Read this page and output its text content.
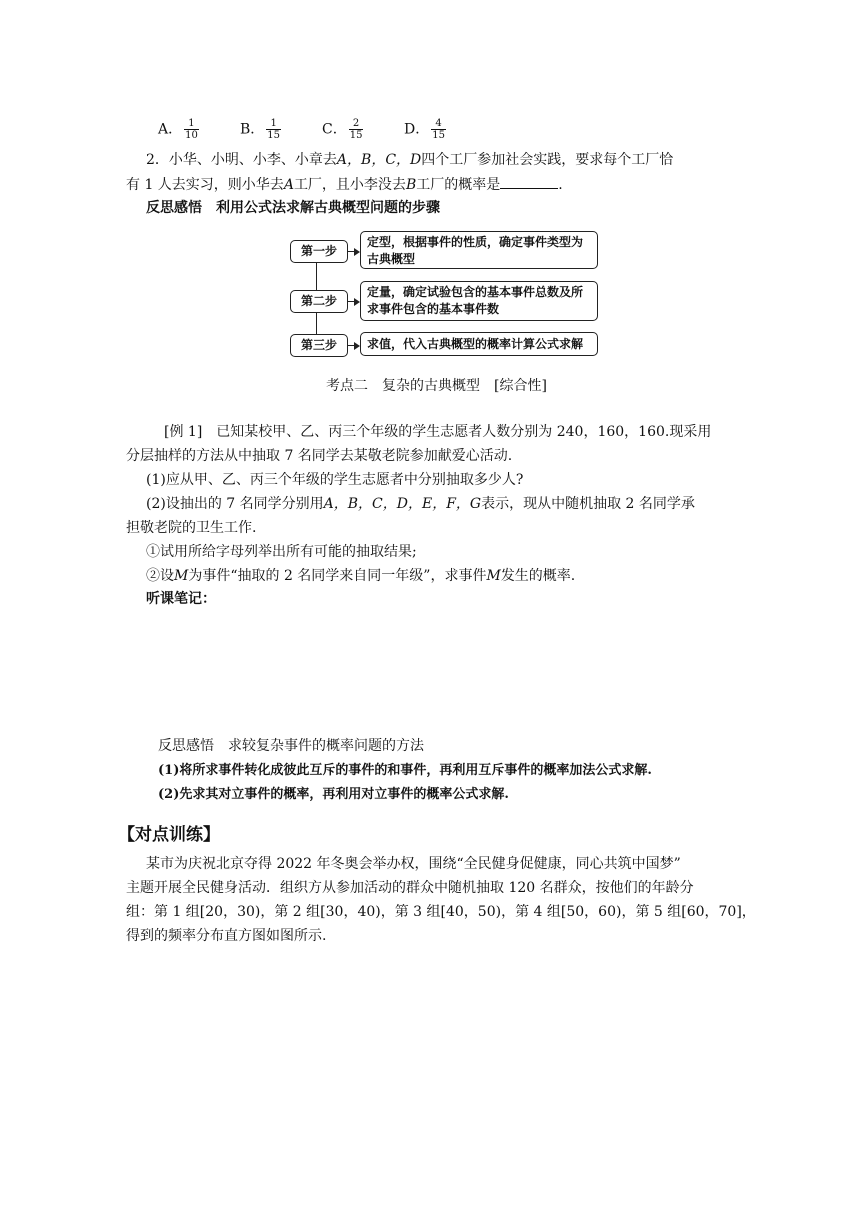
A． $\frac{1}{10}$	B． $\frac{1}{15}$	C． $\frac{2}{15}$	D． $\frac{4}{15}$
2．小华、小明、小李、小章去A，B，C，D四个工厂参加社会实践，要求每个工厂恰
有 1 人去实习，则小华去A工厂，且小李没去B工厂的概率是	.
反思感悟　利用公式法求解古典概型问题的步骤
第一步
定型，根据事件的性质，确定事件类型为古典概型
第二步
定量，确定试验包含的基本事件总数及所求事件包含的基本事件数
第三步	求值，代入古典概型的概率计算公式求解
考点二　复杂的古典概型　[综合性]
[例 1]　已知某校甲、乙、丙三个年级的学生志愿者人数分别为 240，160，160.现采用
分层抽样的方法从中抽取 7 名同学去某敬老院参加献爱心活动.
(1)应从甲、乙、丙三个年级的学生志愿者中分别抽取多少人?
(2)设抽出的 7 名同学分别用A，B，C，D，E，F，G表示，现从中随机抽取 2 名同学承
担敬老院的卫生工作.
①试用所给字母列举出所有可能的抽取结果;
②设M为事件“抽取的 2 名同学来自同一年级”，求事件M发生的概率.
听课笔记：
反思感悟　求较复杂事件的概率问题的方法
(1)将所求事件转化成彼此互斥的事件的和事件，再利用互斥事件的概率加法公式求解.
(2)先求其对立事件的概率，再利用对立事件的概率公式求解.
【对点训练】
某市为庆祝北京夺得 2022 年冬奥会举办权，围绕“全民健身促健康，同心共筑中国梦”
主题开展全民健身活动．组织方从参加活动的群众中随机抽取 120 名群众，按他们的年龄分
组：第 1 组[20，30)，第 2 组[30，40)，第 3 组[40，50)，第 4 组[50，60)，第 5 组[60，70]，
得到的频率分布直方图如图所示.
